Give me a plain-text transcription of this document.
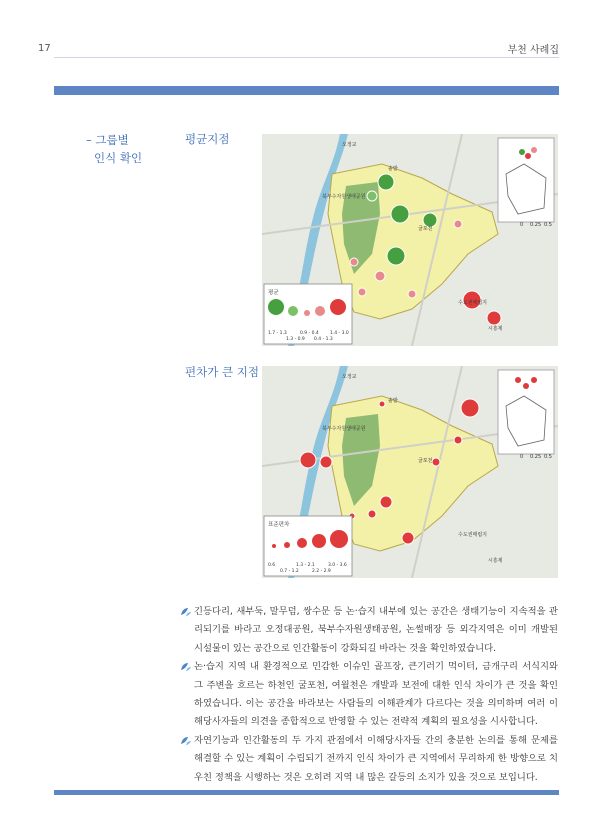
17	부천 사례집
– 그룹별
인식 확인
평균지점
0 0.25 0.5
오정교
솔밭
북부수자원생태공원
굴포천
수도권매립지
시흥제
평균
1.7 - 1.3
1.3 - 0.9
0.9 - 0.4
0.4 - 1.3
1.4 - 3.0
편차가 큰 지점
0 0.25 0.5
오정교
솔밭
북부수자원생태공원
굴포천
수도권매립지
시흥제
표준편차
0.6
0.7 - 1.2
1.3 - 2.1
2.2 - 2.9
3.0 - 3.6
긴등다리, 새부둑, 말무덤, 쌍수문 등 논·습지 내부에 있는 공간은 생태기능이 지속적을 관리되기를 바라고 오정대공원, 북부수자원생태공원, 논썰매장 등 외각지역은 이미 개발된 시설물이 있는 공간으로 인간활동이 강화되길 바라는 것을 확인하였습니다.
논·습지 지역 내 환경적으로 민감한 이슈인 골프장, 큰기러기 먹이터, 금개구리 서식지와 그 주변을 흐르는 하천인 굴포천, 여월천은 개발과 보전에 대한 인식 차이가 큰 것을 확인하였습니다. 이는 공간을 바라보는 사람들의 이해관계가 다르다는 것을 의미하며 여러 이해당사자들의 의견을 종합적으로 반영할 수 있는 전략적 계획의 필요성을 시사합니다.
자연기능과 인간활동의 두 가지 관점에서 이해당사자들 간의 충분한 논의를 통해 문제를 해결할 수 있는 계획이 수립되기 전까지 인식 차이가 큰 지역에서 무리하게 한 방향으로 치우친 정책을 시행하는 것은 오히려 지역 내 많은 갈등의 소지가 있을 것으로 보입니다.
